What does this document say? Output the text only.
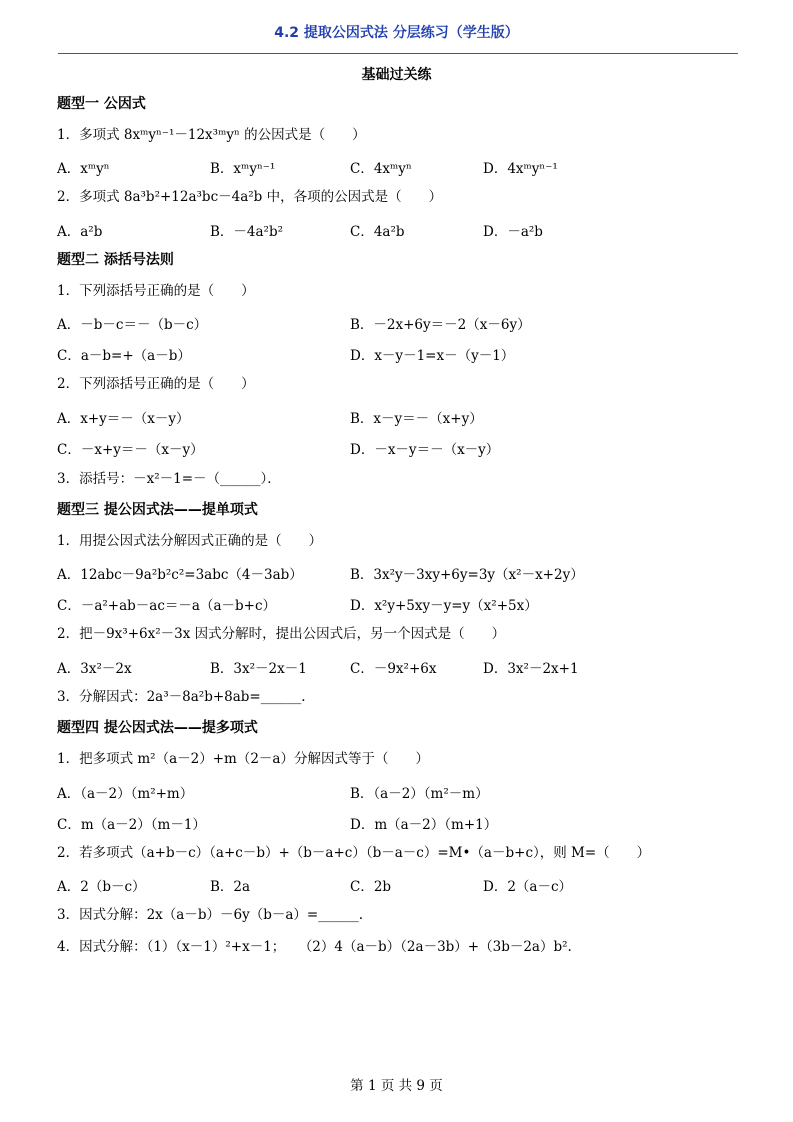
4.2 提取公因式法 分层练习（学生版）
基础过关练
题型一 公因式
1．多项式 8xᵐyⁿ⁻¹－12x³ᵐyⁿ 的公因式是（　　）
A．xᵐyⁿ	B．xᵐyⁿ⁻¹	C．4xᵐyⁿ	D．4xᵐyⁿ⁻¹
2．多项式 8a³b²+12a³bc－4a²b 中，各项的公因式是（　　）
A．a²b	B．－4a²b²	C．4a²b	D．－a²b
题型二 添括号法则
1．下列添括号正确的是（　　）
A．－b－c＝－（b－c）	B．－2x+6y＝－2（x－6y）
C．a－b=+（a－b）	D．x－y－1=x－（y－1）
2．下列添括号正确的是（　　）
A．x+y＝－（x－y）	B．x－y＝－（x+y）
C．－x+y＝－（x－y）	D．－x－y＝－（x－y）
3．添括号：－x²－1=－（______）．
题型三 提公因式法——提单项式
1．用提公因式法分解因式正确的是（　　）
A．12abc－9a²b²c²=3abc（4－3ab）	B．3x²y－3xy+6y=3y（x²－x+2y）
C．－a²+ab－ac＝－a（a－b+c）	D．x²y+5xy－y=y（x²+5x）
2．把－9x³+6x²－3x 因式分解时，提出公因式后，另一个因式是（　　）
A．3x²－2x	B．3x²－2x－1	C．－9x²+6x	D．3x²－2x+1
3．分解因式：2a³－8a²b+8ab=______.
题型四 提公因式法——提多项式
1．把多项式 m²（a－2）+m（2－a）分解因式等于（　　）
A．（a－2）（m²+m）	B．（a－2）（m²－m）
C．m（a－2）（m－1）	D．m（a－2）（m+1）
2．若多项式（a+b－c）（a+c－b）+（b－a+c）（b－a－c）=M•（a－b+c），则 M=（　　）
A．2（b－c）	B．2a	C．2b	D．2（a－c）
3．因式分解：2x（a－b）－6y（b－a）=______.
4．因式分解：（1）（x－1）²+x－1；　　（2）4（a－b）（2a－3b）+（3b－2a）b².
第 1 页 共 9 页
